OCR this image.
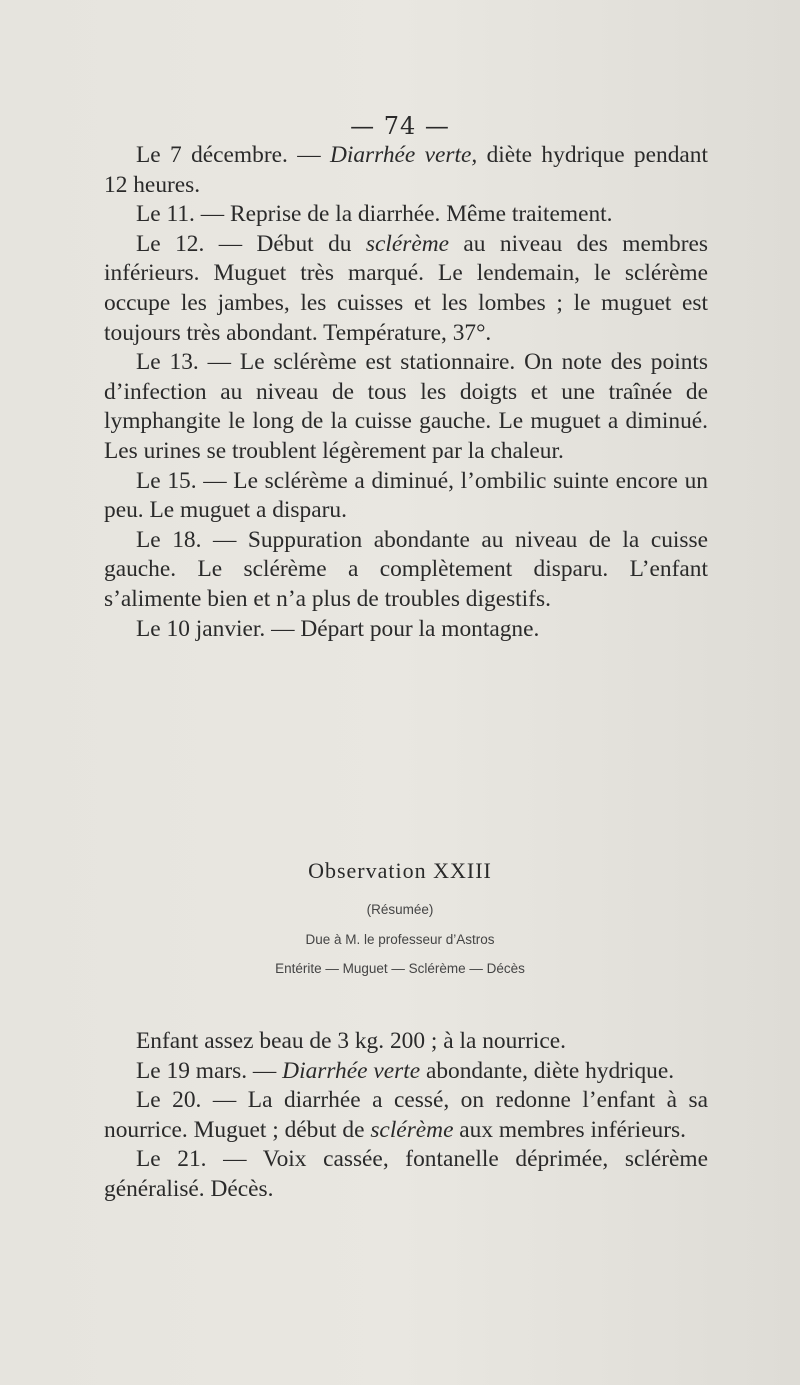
— 74 —

Le 7 décembre. — Diarrhée verte, diète hydrique pendant 12 heures.

Le 11. — Reprise de la diarrhée. Même traitement.

Le 12. — Début du sclérème au niveau des membres inférieurs. Muguet très marqué. Le lendemain, le sclérème occupe les jambes, les cuisses et les lombes ; le muguet est toujours très abondant. Température, 37°.

Le 13. — Le sclérème est stationnaire. On note des points d’infection au niveau de tous les doigts et une traînée de lymphangite le long de la cuisse gauche. Le muguet a diminué. Les urines se troublent légèrement par la chaleur.

Le 15. — Le sclérème a diminué, l’ombilic suinte encore un peu. Le muguet a disparu.

Le 18. — Suppuration abondante au niveau de la cuisse gauche. Le sclérème a complètement disparu. L’enfant s’alimente bien et n’a plus de troubles digestifs.

Le 10 janvier. — Départ pour la montagne.

Observation XXIII
(Résumée)
Due à M. le professeur d’Astros
Entérite — Muguet — Sclérème — Décès

Enfant assez beau de 3 kg. 200 ; à la nourrice.

Le 19 mars. — Diarrhée verte abondante, diète hydrique.

Le 20. — La diarrhée a cessé, on redonne l’enfant à sa nourrice. Muguet ; début de sclérème aux membres inférieurs.

Le 21. — Voix cassée, fontanelle déprimée, sclérème généralisé. Décès.
